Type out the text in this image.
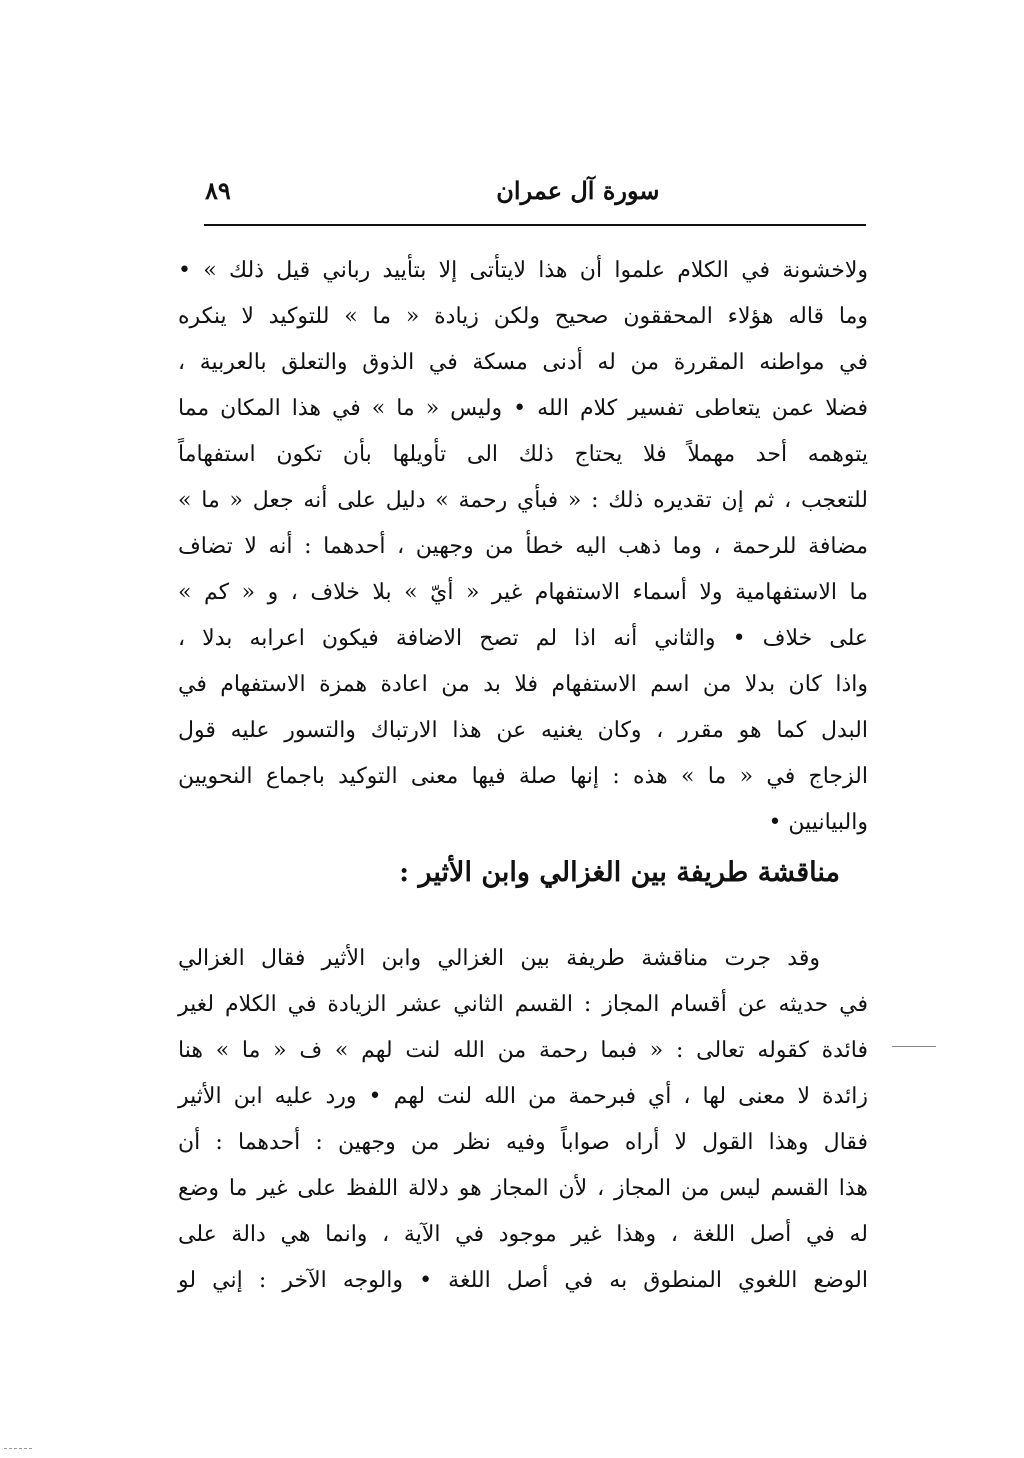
سورة آل عمران
٨٩
ولاخشونة في الكلام علموا أن هذا لايتأتى إلا بتأييد رباني قيل ذلك » •
وما قاله هؤلاء المحققون صحيح ولكن زيادة « ما » للتوكيد لا ينكره
في مواطنه المقررة من له أدنى مسكة في الذوق والتعلق بالعربية ،
فضلا عمن يتعاطى تفسير كلام الله • وليس « ما » في هذا المكان مما
يتوهمه أحد مهملاً فلا يحتاج ذلك الى تأويلها بأن تكون استفهاماً
للتعجب ، ثم إن تقديره ذلك : « فبأي رحمة » دليل على أنه جعل « ما »
مضافة للرحمة ، وما ذهب اليه خطأ من وجهين ، أحدهما : أنه لا تضاف
ما الاستفهامية ولا أسماء الاستفهام غير « أيّ » بلا خلاف ، و « كم »
على خلاف • والثاني أنه اذا لم تصح الاضافة فيكون اعرابه بدلا ،
واذا كان بدلا من اسم الاستفهام فلا بد من اعادة همزة الاستفهام في
البدل كما هو مقرر ، وكان يغنيه عن هذا الارتباك والتسور عليه قول
الزجاج في « ما » هذه : إنها صلة فيها معنى التوكيد باجماع النحويين
والبيانيين •
مناقشة طريفة بين الغزالي وابن الأثير :
وقد جرت مناقشة طريفة بين الغزالي وابن الأثير فقال الغزالي
في حديثه عن أقسام المجاز : القسم الثاني عشر الزيادة في الكلام لغير
فائدة كقوله تعالى : « فبما رحمة من الله لنت لهم » ف « ما » هنا
زائدة لا معنى لها ، أي فبرحمة من الله لنت لهم • ورد عليه ابن الأثير
فقال وهذا القول لا أراه صواباً وفيه نظر من وجهين : أحدهما : أن
هذا القسم ليس من المجاز ، لأن المجاز هو دلالة اللفظ على غير ما وضع
له في أصل اللغة ، وهذا غير موجود في الآية ، وانما هي دالة على
الوضع اللغوي المنطوق به في أصل اللغة • والوجه الآخر : إني لو
